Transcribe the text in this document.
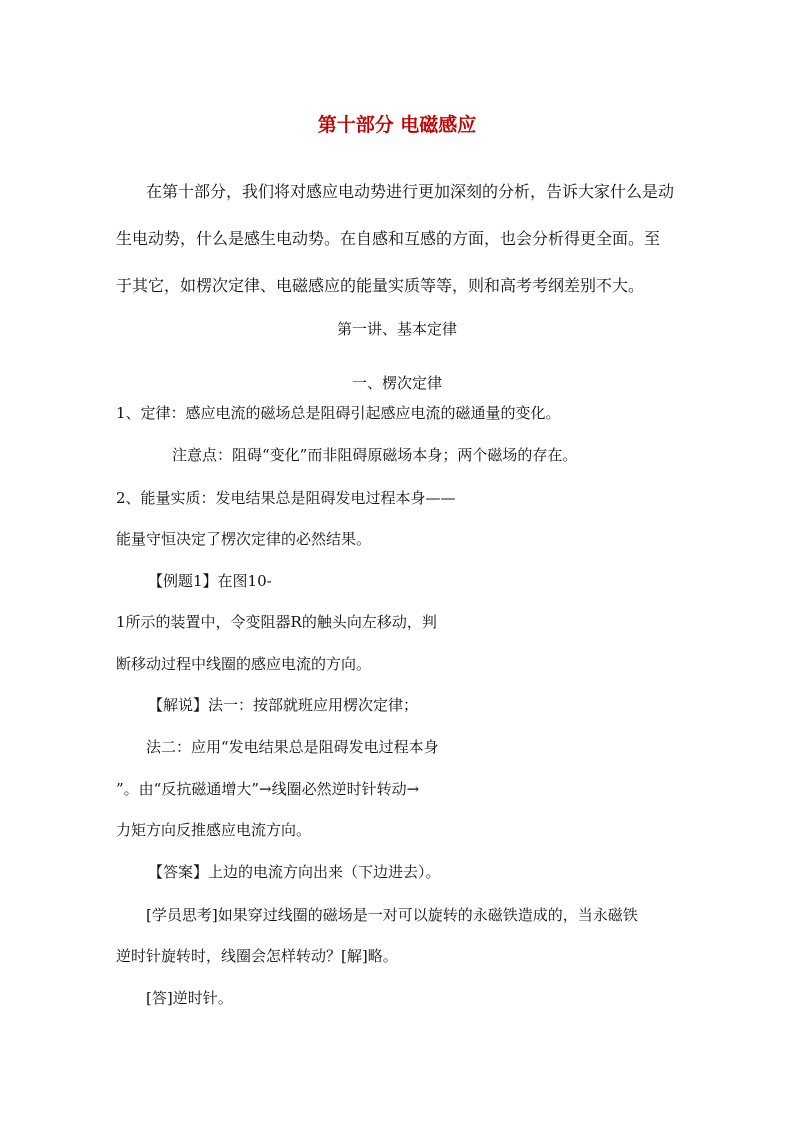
第十部分 电磁感应
在第十部分，我们将对感应电动势进行更加深刻的分析，告诉大家什么是动
生电动势，什么是感生电动势。在自感和互感的方面，也会分析得更全面。至
于其它，如楞次定律、电磁感应的能量实质等等，则和高考考纲差别不大。
第一讲、基本定律
一、楞次定律
1、定律：感应电流的磁场总是阻碍引起感应电流的磁通量的变化。
注意点：阻碍“变化”而非阻碍原磁场本身；两个磁场的存在。
2、能量实质：发电结果总是阻碍发电过程本身——
能量守恒决定了楞次定律的必然结果。
【例题1】在图10-
1所示的装置中，令变阻器R的触头向左移动，判
断移动过程中线圈的感应电流的方向。
【解说】法一：按部就班应用楞次定律；
法二：应用“发电结果总是阻碍发电过程本身
”。由“反抗磁通增大”→线圈必然逆时针转动→
力矩方向反推感应电流方向。
【答案】上边的电流方向出来（下边进去）。
[学员思考]如果穿过线圈的磁场是一对可以旋转的永磁铁造成的，当永磁铁
逆时针旋转时，线圈会怎样转动？[解]略。
[答]逆时针。
